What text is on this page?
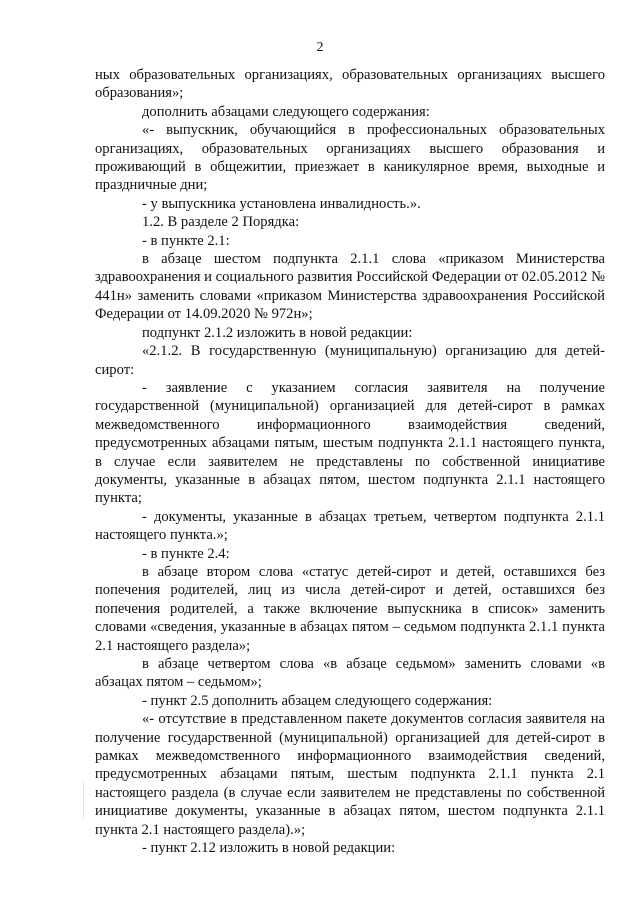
2

ных образовательных организациях, образовательных организациях высшего образования»;

дополнить абзацами следующего содержания:

«- выпускник, обучающийся в профессиональных образовательных организациях, образовательных организациях высшего образования и проживающий в общежитии, приезжает в каникулярное время, выходные и праздничные дни;

- у выпускника установлена инвалидность.».

1.2. В разделе 2 Порядка:

- в пункте 2.1:

в абзаце шестом подпункта 2.1.1 слова «приказом Министерства здравоохранения и социального развития Российской Федерации от 02.05.2012 № 441н» заменить словами «приказом Министерства здравоохранения Российской Федерации от 14.09.2020 № 972н»;

подпункт 2.1.2 изложить в новой редакции:

«2.1.2. В государственную (муниципальную) организацию для детей-сирот:

- заявление с указанием согласия заявителя на получение государственной (муниципальной) организацией для детей-сирот в рамках межведомственного информационного взаимодействия сведений, предусмотренных абзацами пятым, шестым подпункта 2.1.1 настоящего пункта, в случае если заявителем не представлены по собственной инициативе документы, указанные в абзацах пятом, шестом подпункта 2.1.1 настоящего пункта;

- документы, указанные в абзацах третьем, четвертом подпункта 2.1.1 настоящего пункта.»;

- в пункте 2.4:

в абзаце втором слова «статус детей-сирот и детей, оставшихся без попечения родителей, лиц из числа детей-сирот и детей, оставшихся без попечения родителей, а также включение выпускника в список» заменить словами «сведения, указанные в абзацах пятом – седьмом подпункта 2.1.1 пункта 2.1 настоящего раздела»;

в абзаце четвертом слова «в абзаце седьмом» заменить словами «в абзацах пятом – седьмом»;

- пункт 2.5 дополнить абзацем следующего содержания:

«- отсутствие в представленном пакете документов согласия заявителя на получение государственной (муниципальной) организацией для детей-сирот в рамках межведомственного информационного взаимодействия сведений, предусмотренных абзацами пятым, шестым подпункта 2.1.1 пункта 2.1 настоящего раздела (в случае если заявителем не представлены по собственной инициативе документы, указанные в абзацах пятом, шестом подпункта 2.1.1 пункта 2.1 настоящего раздела).»;

- пункт 2.12 изложить в новой редакции:
